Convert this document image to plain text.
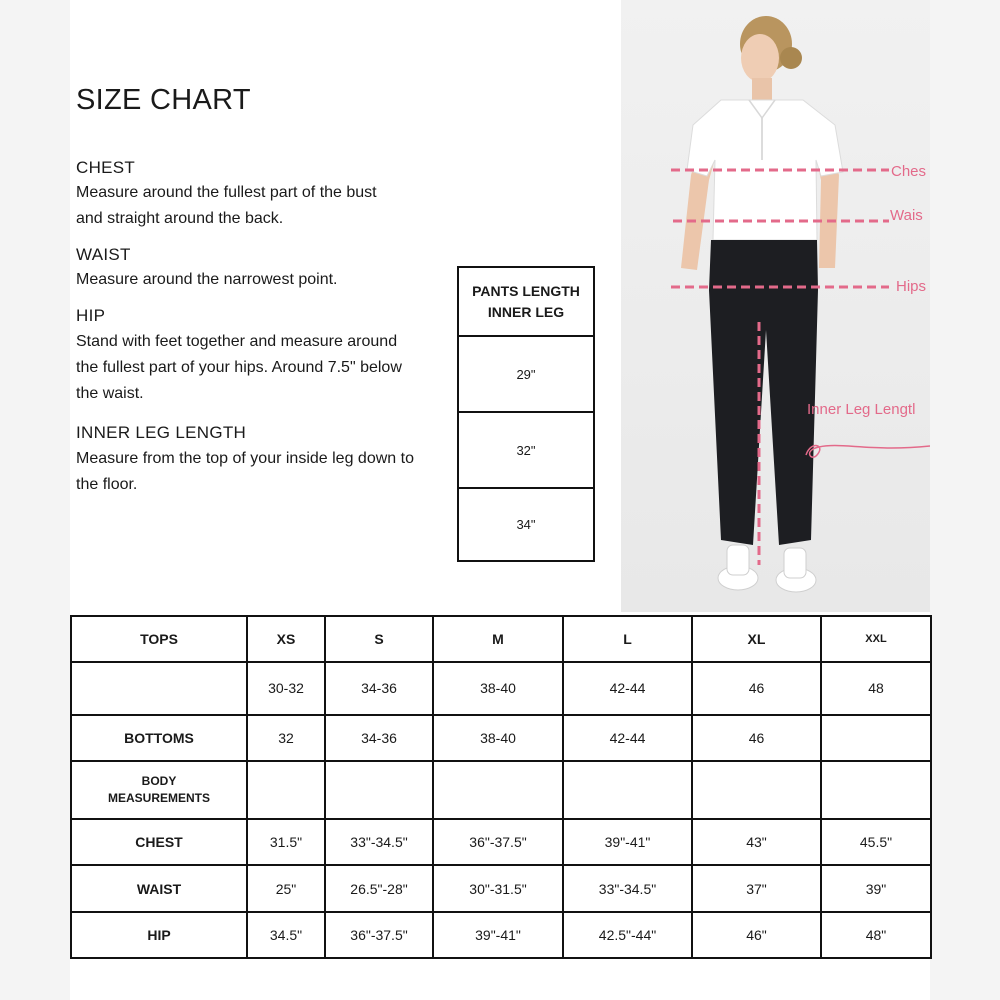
SIZE CHART
CHEST
Measure around the fullest part of the bust and straight around the back.
WAIST
Measure around the narrowest point.
HIP
Stand with feet together and measure around the fullest part of your hips. Around 7.5" below the waist.
INNER LEG LENGTH
Measure from the top of your inside leg down to the floor.
PANTS LENGTH
INNER LEG
29"
32"
34"
Ches
Wais
Hips
Inner Leg Lengtl
TOPS	XS	S	M	L	XL	XXL
	30-32	34-36	38-40	42-44	46	48
BOTTOMS	32	34-36	38-40	42-44	46	

BODY
MEASUREMENTS						

CHEST	31.5"	33"-34.5"	36"-37.5"	39"-41"	43"	45.5"
WAIST	25"	26.5"-28"	30"-31.5"	33"-34.5"	37"	39"
HIP	34.5"	36"-37.5"	39"-41"	42.5"-44"	46"	48"
